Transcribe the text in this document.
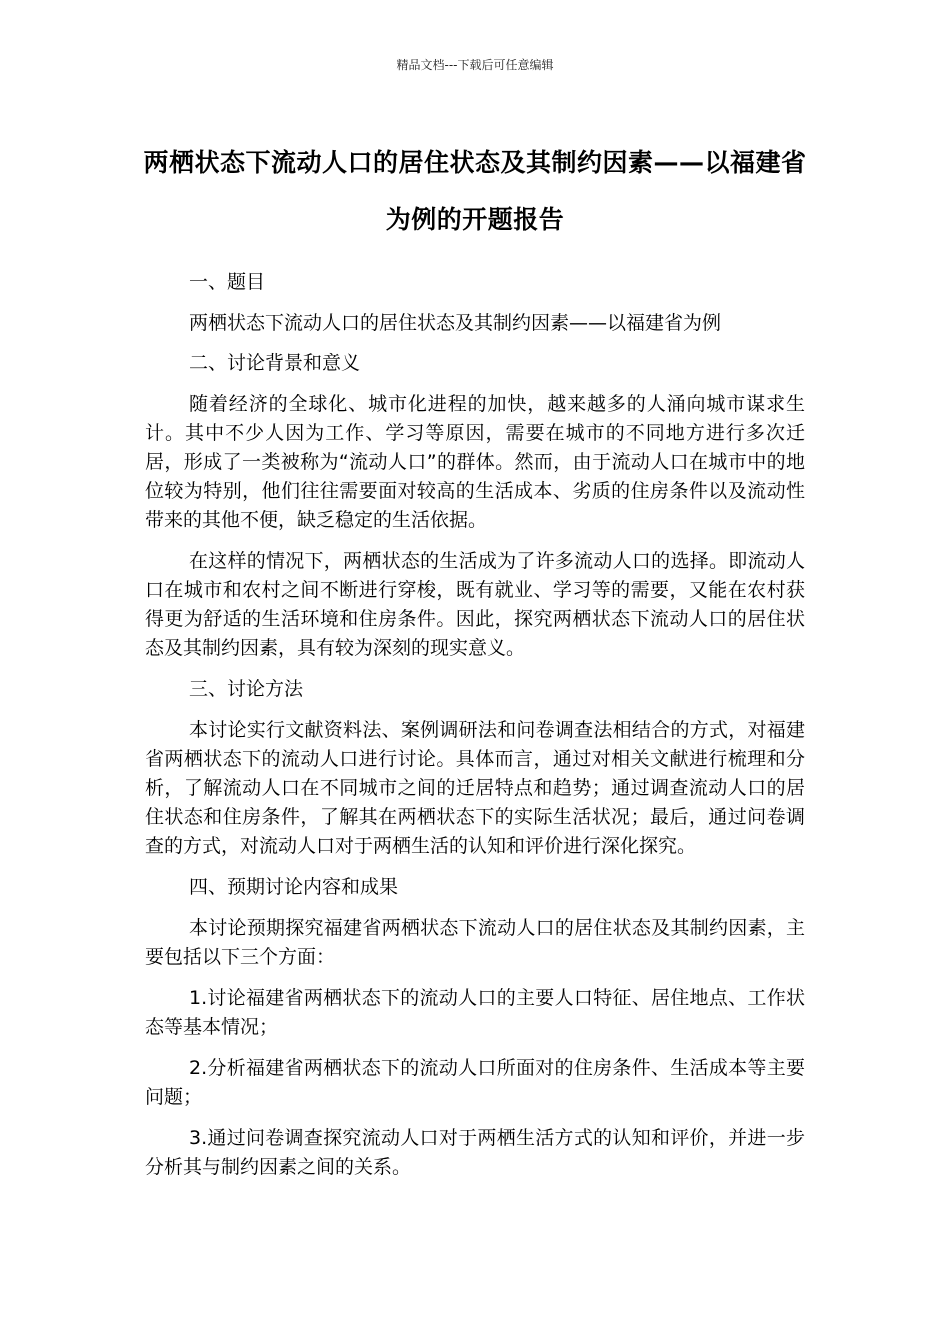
精品文档---下载后可任意编辑
两栖状态下流动人口的居住状态及其制约因素——以福建省为例的开题报告

一、题目

两栖状态下流动人口的居住状态及其制约因素——以福建省为例

二、讨论背景和意义

随着经济的全球化、城市化进程的加快，越来越多的人涌向城市谋求生计。其中不少人因为工作、学习等原因，需要在城市的不同地方进行多次迁居，形成了一类被称为“流动人口”的群体。然而，由于流动人口在城市中的地位较为特别，他们往往需要面对较高的生活成本、劣质的住房条件以及流动性带来的其他不便，缺乏稳定的生活依据。

在这样的情况下，两栖状态的生活成为了许多流动人口的选择。即流动人口在城市和农村之间不断进行穿梭，既有就业、学习等的需要，又能在农村获得更为舒适的生活环境和住房条件。因此，探究两栖状态下流动人口的居住状态及其制约因素，具有较为深刻的现实意义。

三、讨论方法

本讨论实行文献资料法、案例调研法和问卷调查法相结合的方式，对福建省两栖状态下的流动人口进行讨论。具体而言，通过对相关文献进行梳理和分析，了解流动人口在不同城市之间的迁居特点和趋势；通过调查流动人口的居住状态和住房条件，了解其在两栖状态下的实际生活状况；最后，通过问卷调查的方式，对流动人口对于两栖生活的认知和评价进行深化探究。

四、预期讨论内容和成果

本讨论预期探究福建省两栖状态下流动人口的居住状态及其制约因素，主要包括以下三个方面：

1.讨论福建省两栖状态下的流动人口的主要人口特征、居住地点、工作状态等基本情况；

2.分析福建省两栖状态下的流动人口所面对的住房条件、生活成本等主要问题；

3.通过问卷调查探究流动人口对于两栖生活方式的认知和评价，并进一步分析其与制约因素之间的关系。
